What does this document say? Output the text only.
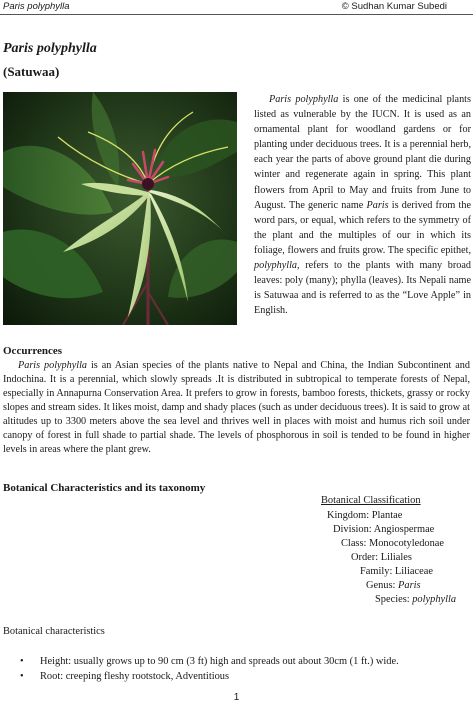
Paris polyphylla	© Sudhan Kumar Subedi
Paris polyphylla
(Satuwaa)
Paris polyphylla is one of the medicinal plants listed as vulnerable by the IUCN. It is used as an ornamental plant for woodland gardens or for planting under deciduous trees. It is a perennial herb, each year the parts of above ground plant die during winter and regenerate again in spring. This plant flowers from April to May and fruits from June to August. The generic name Paris is derived from the word pars, or equal, which refers to the symmetry of the plant and the multiples of our in which its foliage, flowers and fruits grow. The specific epithet, polyphylla, refers to the plants with many broad leaves: poly (many); phylla (leaves). Its Nepali name is Satuwaa and is referred to as the “Love Apple” in English.
Occurrences
Paris polyphylla is an Asian species of the plants native to Nepal and China, the Indian Subcontinent and Indochina. It is a perennial, which slowly spreads .It is distributed in subtropical to temperate forests of Nepal, especially in Annapurna Conservation Area. It prefers to grow in forests, bamboo forests, thickets, grassy or rocky slopes and stream sides. It likes moist, damp and shady places (such as under deciduous trees). It is said to grow at altitudes up to 3300 meters above the sea level and thrives well in places with moist and humus rich soil under canopy of forest in full shade to partial shade. The levels of phosphorous in soil is tended to be found in higher levels in areas where the plant grew.
Botanical Characteristics and its taxonomy
Botanical Classification
Kingdom: Plantae
Division: Angiospermae
Class: Monocotyledonae
Order: Liliales
Family: Liliaceae
Genus: Paris
Species: polyphylla
Botanical characteristics
• Height: usually grows up to 90 cm (3 ft) high and spreads out about 30cm (1 ft.) wide.
• Root: creeping fleshy rootstock, Adventitious
1
